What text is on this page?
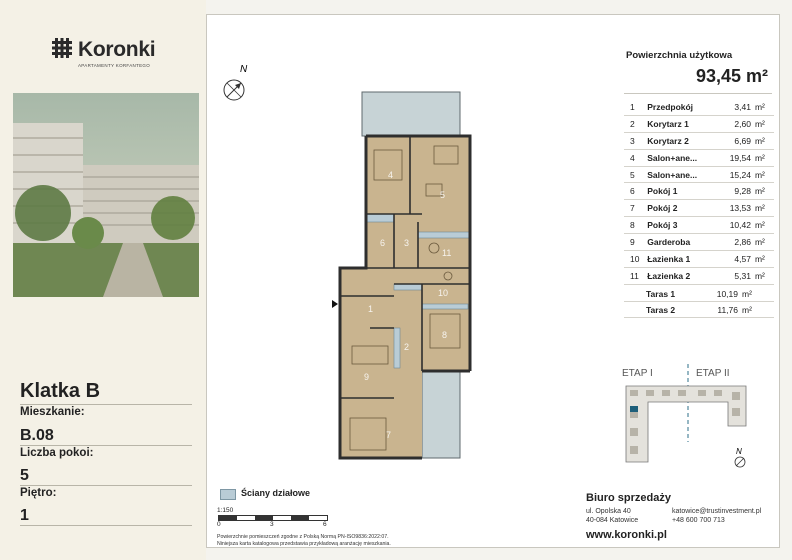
Koronki
APARTAMENTY KORFANTEGO
Klatka B
Mieszkanie:
B.08
Liczba pokoi:
5
Piętro:
1
N
4
5
6 3
11
1
10
8
2
9
7
Powierzchnia użytkowa
93,45 m²
1	Przedpokój	3,41	m²
2	Korytarz 1	2,60	m²
3	Korytarz 2	6,69	m²
4	Salon+ane...	19,54	m²
5	Salon+ane...	15,24	m²
6	Pokój 1	9,28	m²
7	Pokój 2	13,53	m²
8	Pokój 3	10,42	m²
9	Garderoba	2,86	m²
10	Łazienka 1	4,57	m²
11	Łazienka 2	5,31	m²
	Taras 1	10,19	m²
	Taras 2	11,76	m²
ETAP I	ETAP II
N
Ściany działowe
1:150
0	3	6
Powierzchnie pomieszczeń zgodne z Polską Normą PN-ISO9836:2022:07.
Niniejsza karta katalogowa przedstawia przykładową aranżację mieszkania.
Biuro sprzedaży
ul. Opolska 40
40-084 Katowice
katowice@trustinvestment.pl
+48 600 700 713
www.koronki.pl
